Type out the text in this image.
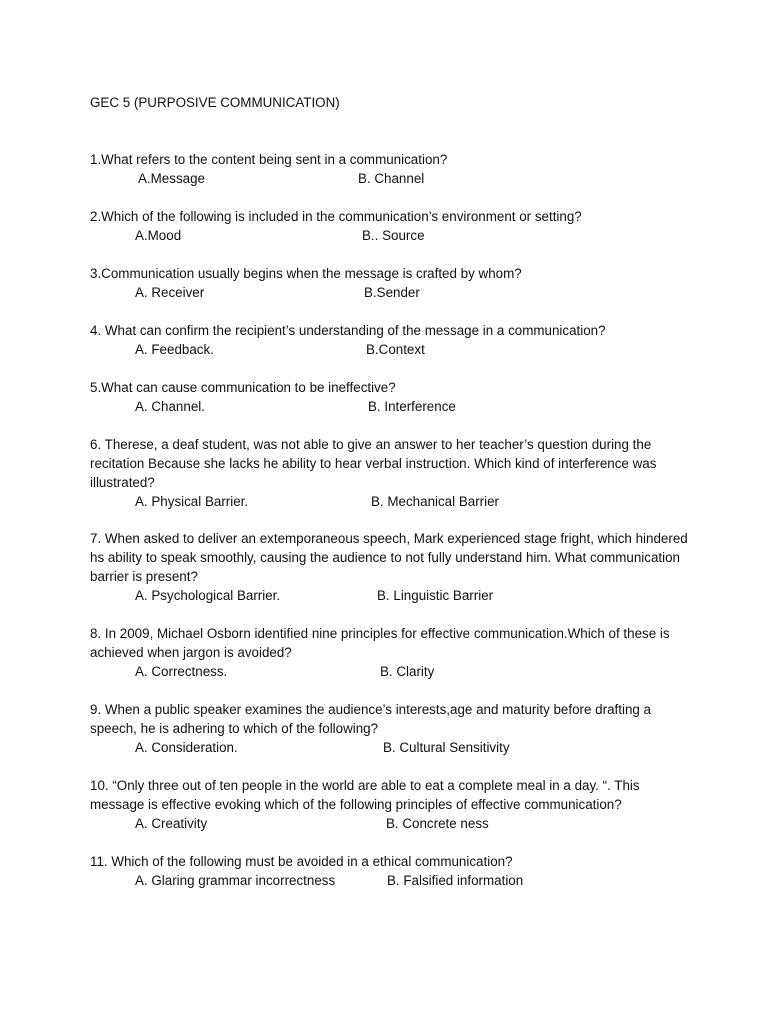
GEC 5 (PURPOSIVE COMMUNICATION)
1.What refers to the content being sent in a communication?
A.Message	B. Channel
2.Which of the following is included in the communication’s environment or setting?
A.Mood	B.. Source
3.Communication usually begins when the message is crafted by whom?
A. Receiver	B.Sender
4. What can confirm the recipient’s understanding of the message in a communication?
A. Feedback.	B.Context
5.What can cause communication to be ineffective?
A. Channel.	B. Interference
6. Therese, a deaf student, was not able to give an answer to her teacher’s question during the recitation Because she lacks he ability to hear verbal instruction. Which kind of interference was illustrated?
A. Physical Barrier.	B. Mechanical Barrier
7. When asked to deliver an extemporaneous speech, Mark experienced stage fright, which hindered hs ability to speak smoothly, causing the audience to not fully understand him. What communication barrier is present?
A. Psychological Barrier.	B. Linguistic Barrier
8. In 2009, Michael Osborn identified nine principles for effective communication.Which of these is achieved when jargon is avoided?
A. Correctness.	B. Clarity
9. When a public speaker examines the audience’s interests,age and maturity before drafting a speech, he is adhering to which of the following?
A. Consideration.	B. Cultural Sensitivity
10. “Only three out of ten people in the world are able to eat a complete meal in a day. “. This message is effective evoking which of the following principles of effective communication?
A. Creativity	B. Concrete ness
11. Which of the following must be avoided in a ethical communication?
A. Glaring grammar incorrectness	B. Falsified information
